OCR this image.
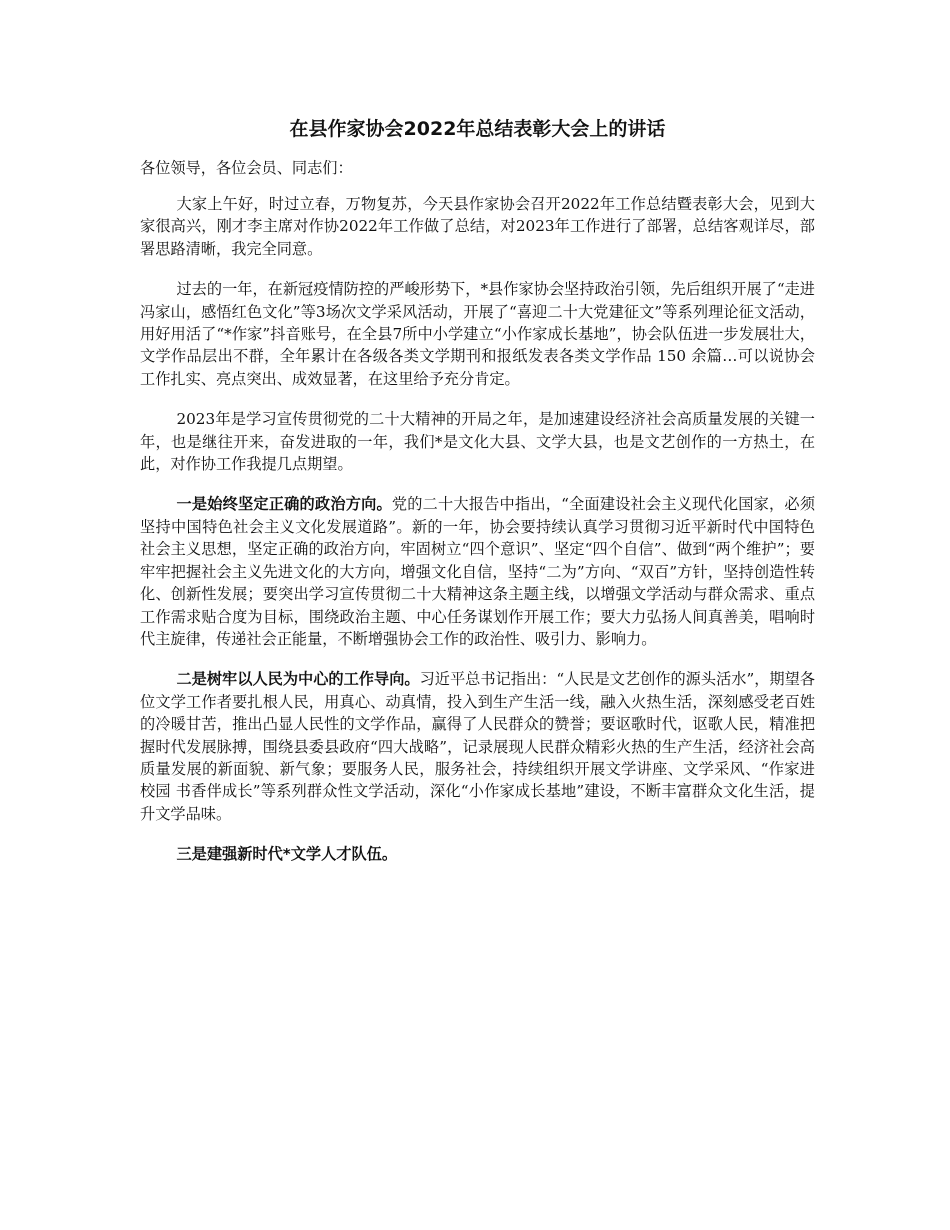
在县作家协会2022年总结表彰大会上的讲话

各位领导，各位会员、同志们：

大家上午好，时过立春，万物复苏，今天县作家协会召开2022年工作总结暨表彰大会，见到大家很高兴，刚才李主席对作协2022年工作做了总结，对2023年工作进行了部署，总结客观详尽，部署思路清晰，我完全同意。

过去的一年，在新冠疫情防控的严峻形势下，*县作家协会坚持政治引领，先后组织开展了“走进冯家山，感悟红色文化”等3场次文学采风活动，开展了“喜迎二十大党建征文”等系列理论征文活动，用好用活了“*作家”抖音账号，在全县7所中小学建立“小作家成长基地”，协会队伍进一步发展壮大，文学作品层出不群，全年累计在各级各类文学期刊和报纸发表各类文学作品 150 余篇…可以说协会工作扎实、亮点突出、成效显著，在这里给予充分肯定。

2023年是学习宣传贯彻党的二十大精神的开局之年，是加速建设经济社会高质量发展的关键一年，也是继往开来，奋发进取的一年，我们*是文化大县、文学大县，也是文艺创作的一方热土，在此，对作协工作我提几点期望。

一是始终坚定正确的政治方向。党的二十大报告中指出，“全面建设社会主义现代化国家，必须坚持中国特色社会主义文化发展道路”。新的一年，协会要持续认真学习贯彻习近平新时代中国特色社会主义思想，坚定正确的政治方向，牢固树立“四个意识”、坚定“四个自信”、做到“两个维护”；要牢牢把握社会主义先进文化的大方向，增强文化自信，坚持“二为”方向、“双百”方针，坚持创造性转化、创新性发展；要突出学习宣传贯彻二十大精神这条主题主线，以增强文学活动与群众需求、重点工作需求贴合度为目标，围绕政治主题、中心任务谋划作开展工作；要大力弘扬人间真善美，唱响时代主旋律，传递社会正能量，不断增强协会工作的政治性、吸引力、影响力。

二是树牢以人民为中心的工作导向。习近平总书记指出：“人民是文艺创作的源头活水”，期望各位文学工作者要扎根人民，用真心、动真情，投入到生产生活一线，融入火热生活，深刻感受老百姓的冷暖甘苦，推出凸显人民性的文学作品，赢得了人民群众的赞誉；要讴歌时代，讴歌人民，精准把握时代发展脉搏，围绕县委县政府“四大战略”，记录展现人民群众精彩火热的生产生活，经济社会高质量发展的新面貌、新气象；要服务人民，服务社会，持续组织开展文学讲座、文学采风、“作家进校园 书香伴成长”等系列群众性文学活动，深化“小作家成长基地”建设，不断丰富群众文化生活，提升文学品味。

三是建强新时代*文学人才队伍。
